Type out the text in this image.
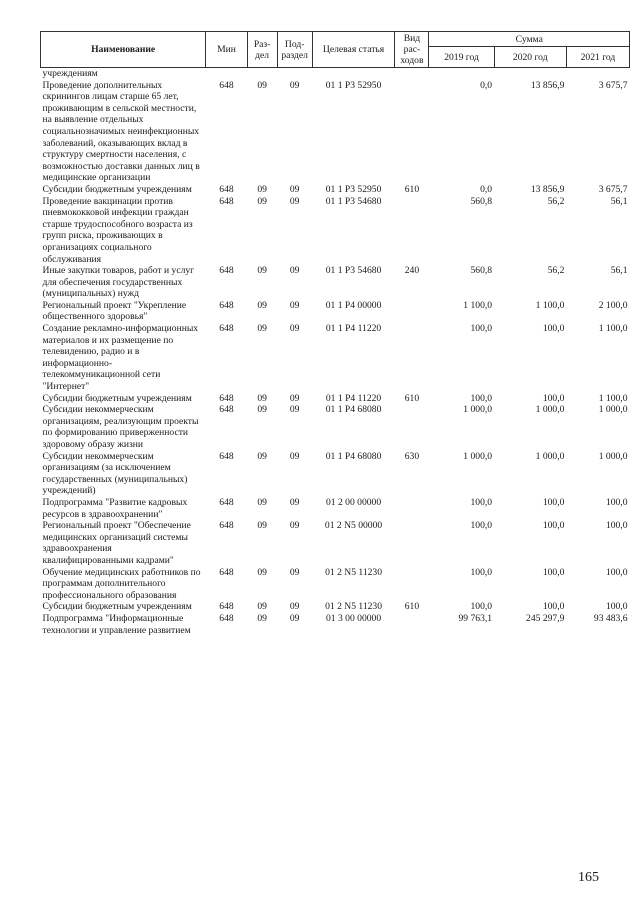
Наименование	Мин	Раз-дел	Под-раздел	Целевая статья	Вид рас-ходов	Сумма		
						2019 год	2020 год	2021 год
учреждениям								
Проведение дополнительных скринингов лицам старше 65 лет, проживающим в сельской местности, на выявление отдельных социальнозначимых неинфекционных заболеваний, оказывающих вклад в структуру смертности населения, с возможностью доставки данных лиц в медицинские организации	648	09	09	01 1 P3 52950		0,0	13 856,9	3 675,7
Субсидии бюджетным учреждениям	648	09	09	01 1 P3 52950	610	0,0	13 856,9	3 675,7
Проведение вакцинации против пневмококковой инфекции граждан старше трудоспособного возраста из групп риска, проживающих в организациях социального обслуживания	648	09	09	01 1 P3 54680		560,8	56,2	56,1
Иные закупки товаров, работ и услуг для обеспечения государственных (муниципальных) нужд	648	09	09	01 1 P3 54680	240	560,8	56,2	56,1
Региональный проект "Укрепление общественного здоровья"	648	09	09	01 1 P4 00000		1 100,0	1 100,0	2 100,0
Создание рекламно-информационных материалов и их размещение по телевидению, радио и в информационно-телекоммуникационной сети "Интернет"	648	09	09	01 1 P4 11220		100,0	100,0	1 100,0
Субсидии бюджетным учреждениям	648	09	09	01 1 P4 11220	610	100,0	100,0	1 100,0
Субсидии некоммерческим организациям, реализующим проекты по формированию приверженности здоровому образу жизни	648	09	09	01 1 P4 68080		1 000,0	1 000,0	1 000,0
Субсидии некоммерческим организациям (за исключением государственных (муниципальных) учреждений)	648	09	09	01 1 P4 68080	630	1 000,0	1 000,0	1 000,0
Подпрограмма "Развитие кадровых ресурсов в здравоохранении"	648	09	09	01 2 00 00000		100,0	100,0	100,0
Региональный проект "Обеспечение медицинских организаций системы здравоохранения квалифицированными кадрами"	648	09	09	01 2 N5 00000		100,0	100,0	100,0
Обучение медицинских работников по программам дополнительного профессионального образования	648	09	09	01 2 N5 11230		100,0	100,0	100,0
Субсидии бюджетным учреждениям	648	09	09	01 2 N5 11230	610	100,0	100,0	100,0
Подпрограмма "Информационные технологии и управление развитием	648	09	09	01 3 00 00000		99 763,1	245 297,9	93 483,6
165
